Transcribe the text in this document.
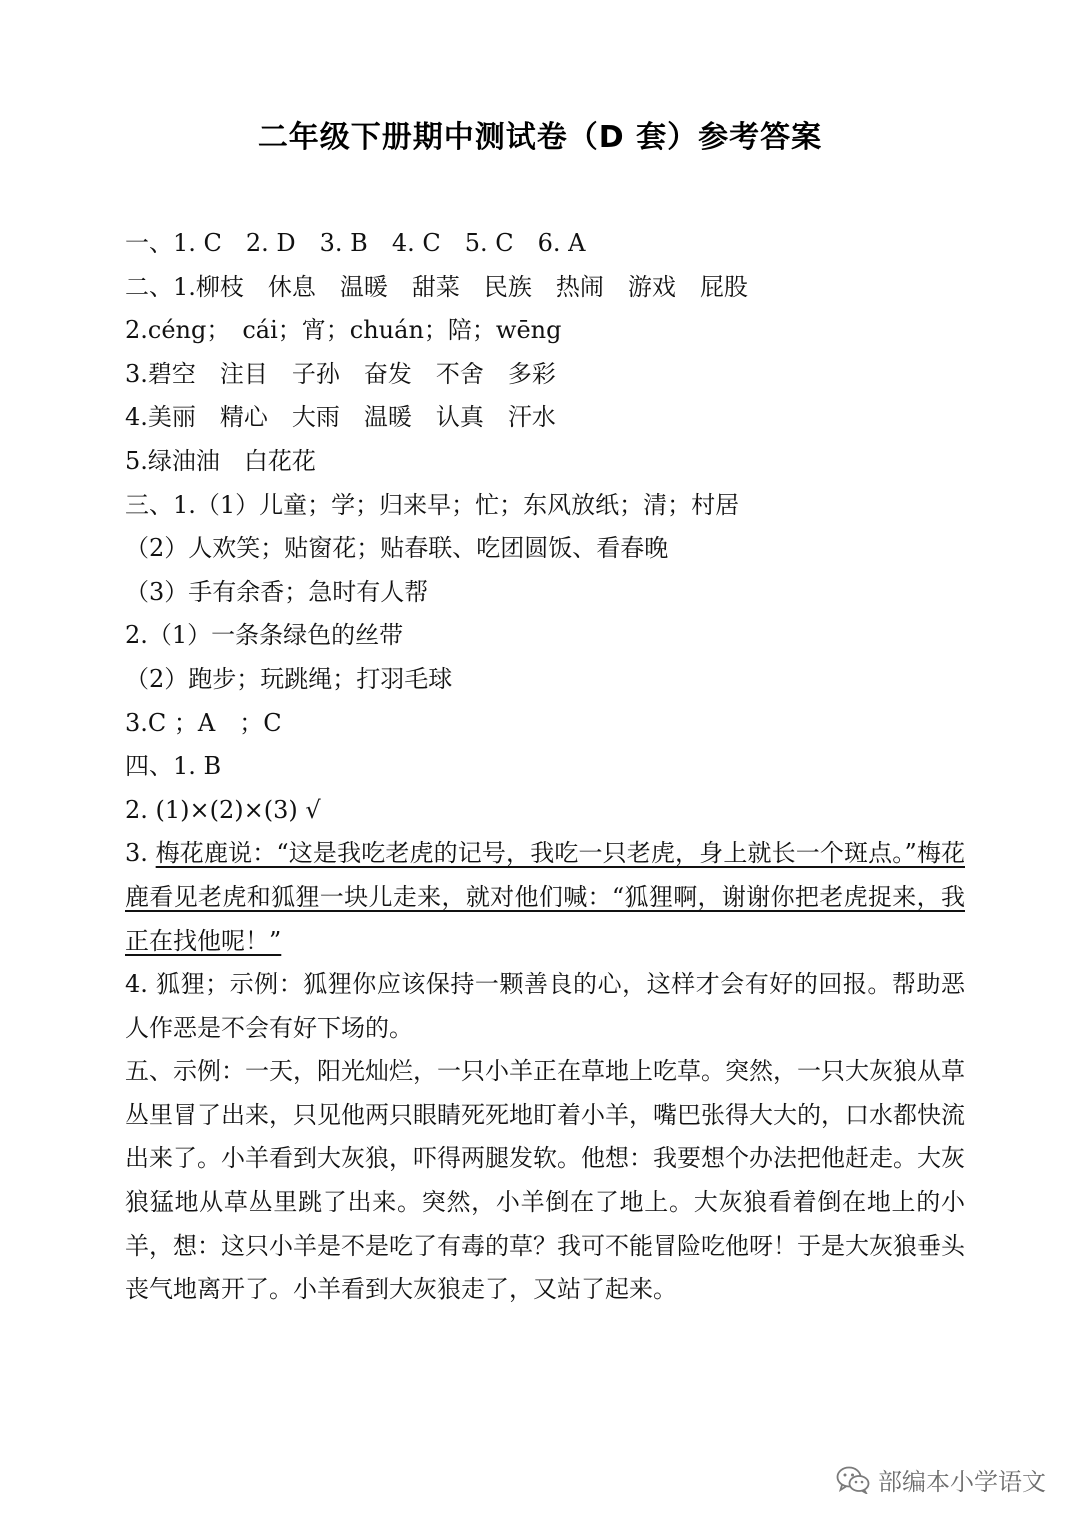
二年级下册期中测试卷（D 套）参考答案
一、1. C　2. D　3. B　4. C　5. C　6. A
二、1.柳枝　休息　温暖　甜菜　民族　热闹　游戏　屁股
2.céng；　cái；宵；chuán；陪；wēng
3.碧空　注目　子孙　奋发　不舍　多彩
4.美丽　精心　大雨　温暖　认真　汗水
5.绿油油　白花花
三、1.（1）儿童；学；归来早；忙；东风放纸；清；村居
（2）人欢笑；贴窗花；贴春联、吃团圆饭、看春晚
（3）手有余香；急时有人帮
2.（1）一条条绿色的丝带
（2）跑步；玩跳绳；打羽毛球
3.C ；A　；C
四、1. B
2. (1)×(2)×(3) √
3. 梅花鹿说：“这是我吃老虎的记号，我吃一只老虎，身上就长一个斑点。”梅花鹿看见老虎和狐狸一块儿走来，就对他们喊：“狐狸啊，谢谢你把老虎捉来，我正在找他呢！”
4. 狐狸；示例：狐狸你应该保持一颗善良的心，这样才会有好的回报。帮助恶人作恶是不会有好下场的。
五、示例：一天，阳光灿烂，一只小羊正在草地上吃草。突然，一只大灰狼从草丛里冒了出来，只见他两只眼睛死死地盯着小羊，嘴巴张得大大的，口水都快流出来了。小羊看到大灰狼，吓得两腿发软。他想：我要想个办法把他赶走。大灰狼猛地从草丛里跳了出来。突然，小羊倒在了地上。大灰狼看着倒在地上的小羊，想：这只小羊是不是吃了有毒的草？我可不能冒险吃他呀！于是大灰狼垂头丧气地离开了。小羊看到大灰狼走了，又站了起来。
部编本小学语文
